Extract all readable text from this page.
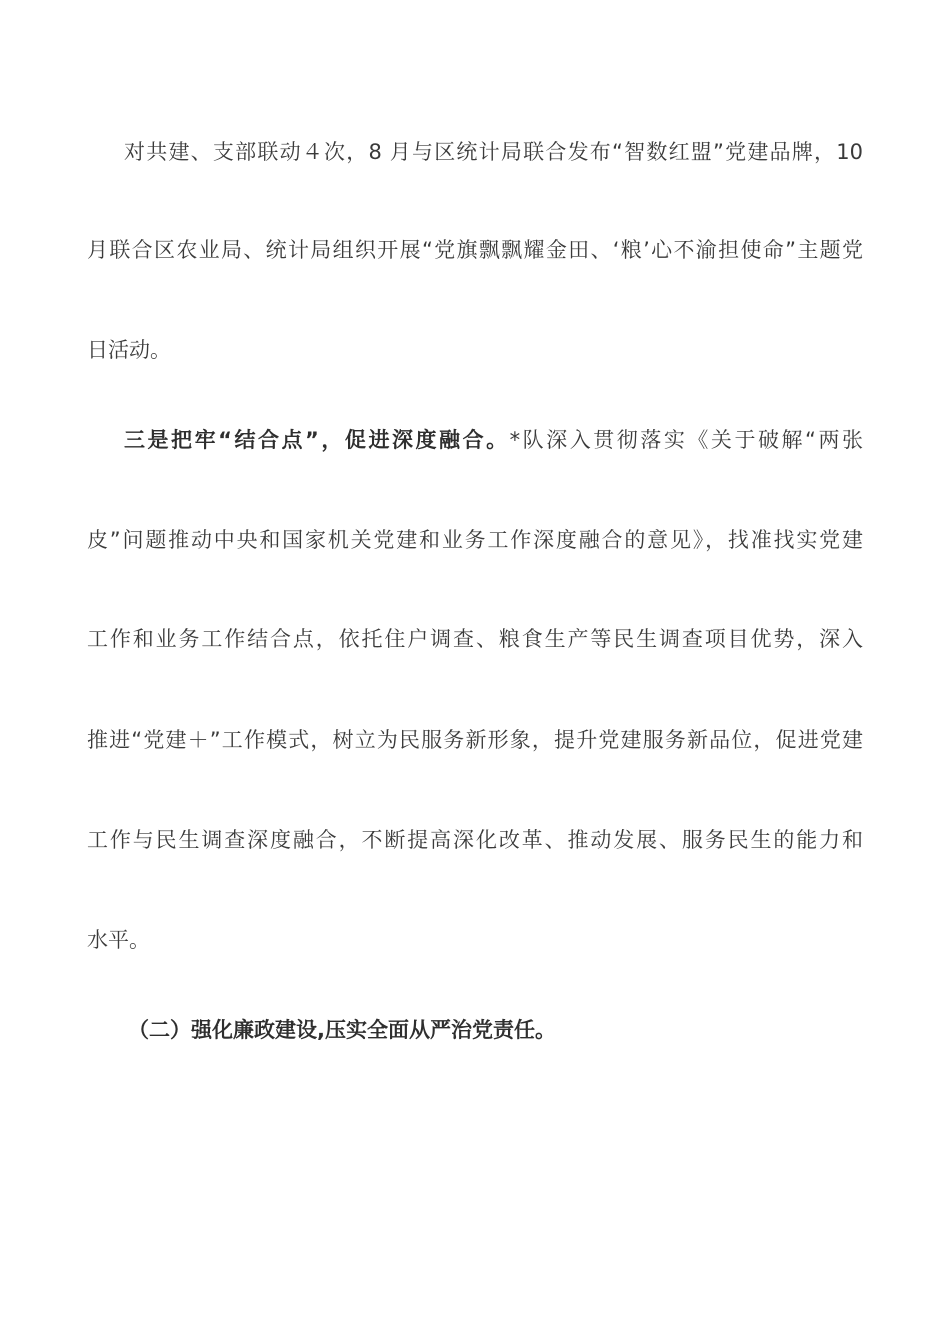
对共建、支部联动４次，8 月与区统计局联合发布“智数红盟”党建品牌，10
月联合区农业局、统计局组织开展“党旗飘飘耀金田、‘粮’心不渝担使命”主题党
日活动。
三是把牢“结合点”，促进深度融合。*队深入贯彻落实《关于破解“两张
皮”问题推动中央和国家机关党建和业务工作深度融合的意见》，找准找实党建
工作和业务工作结合点，依托住户调查、粮食生产等民生调查项目优势，深入
推进“党建＋”工作模式，树立为民服务新形象，提升党建服务新品位，促进党建
工作与民生调查深度融合，不断提高深化改革、推动发展、服务民生的能力和
水平。
（二）强化廉政建设,压实全面从严治党责任。
